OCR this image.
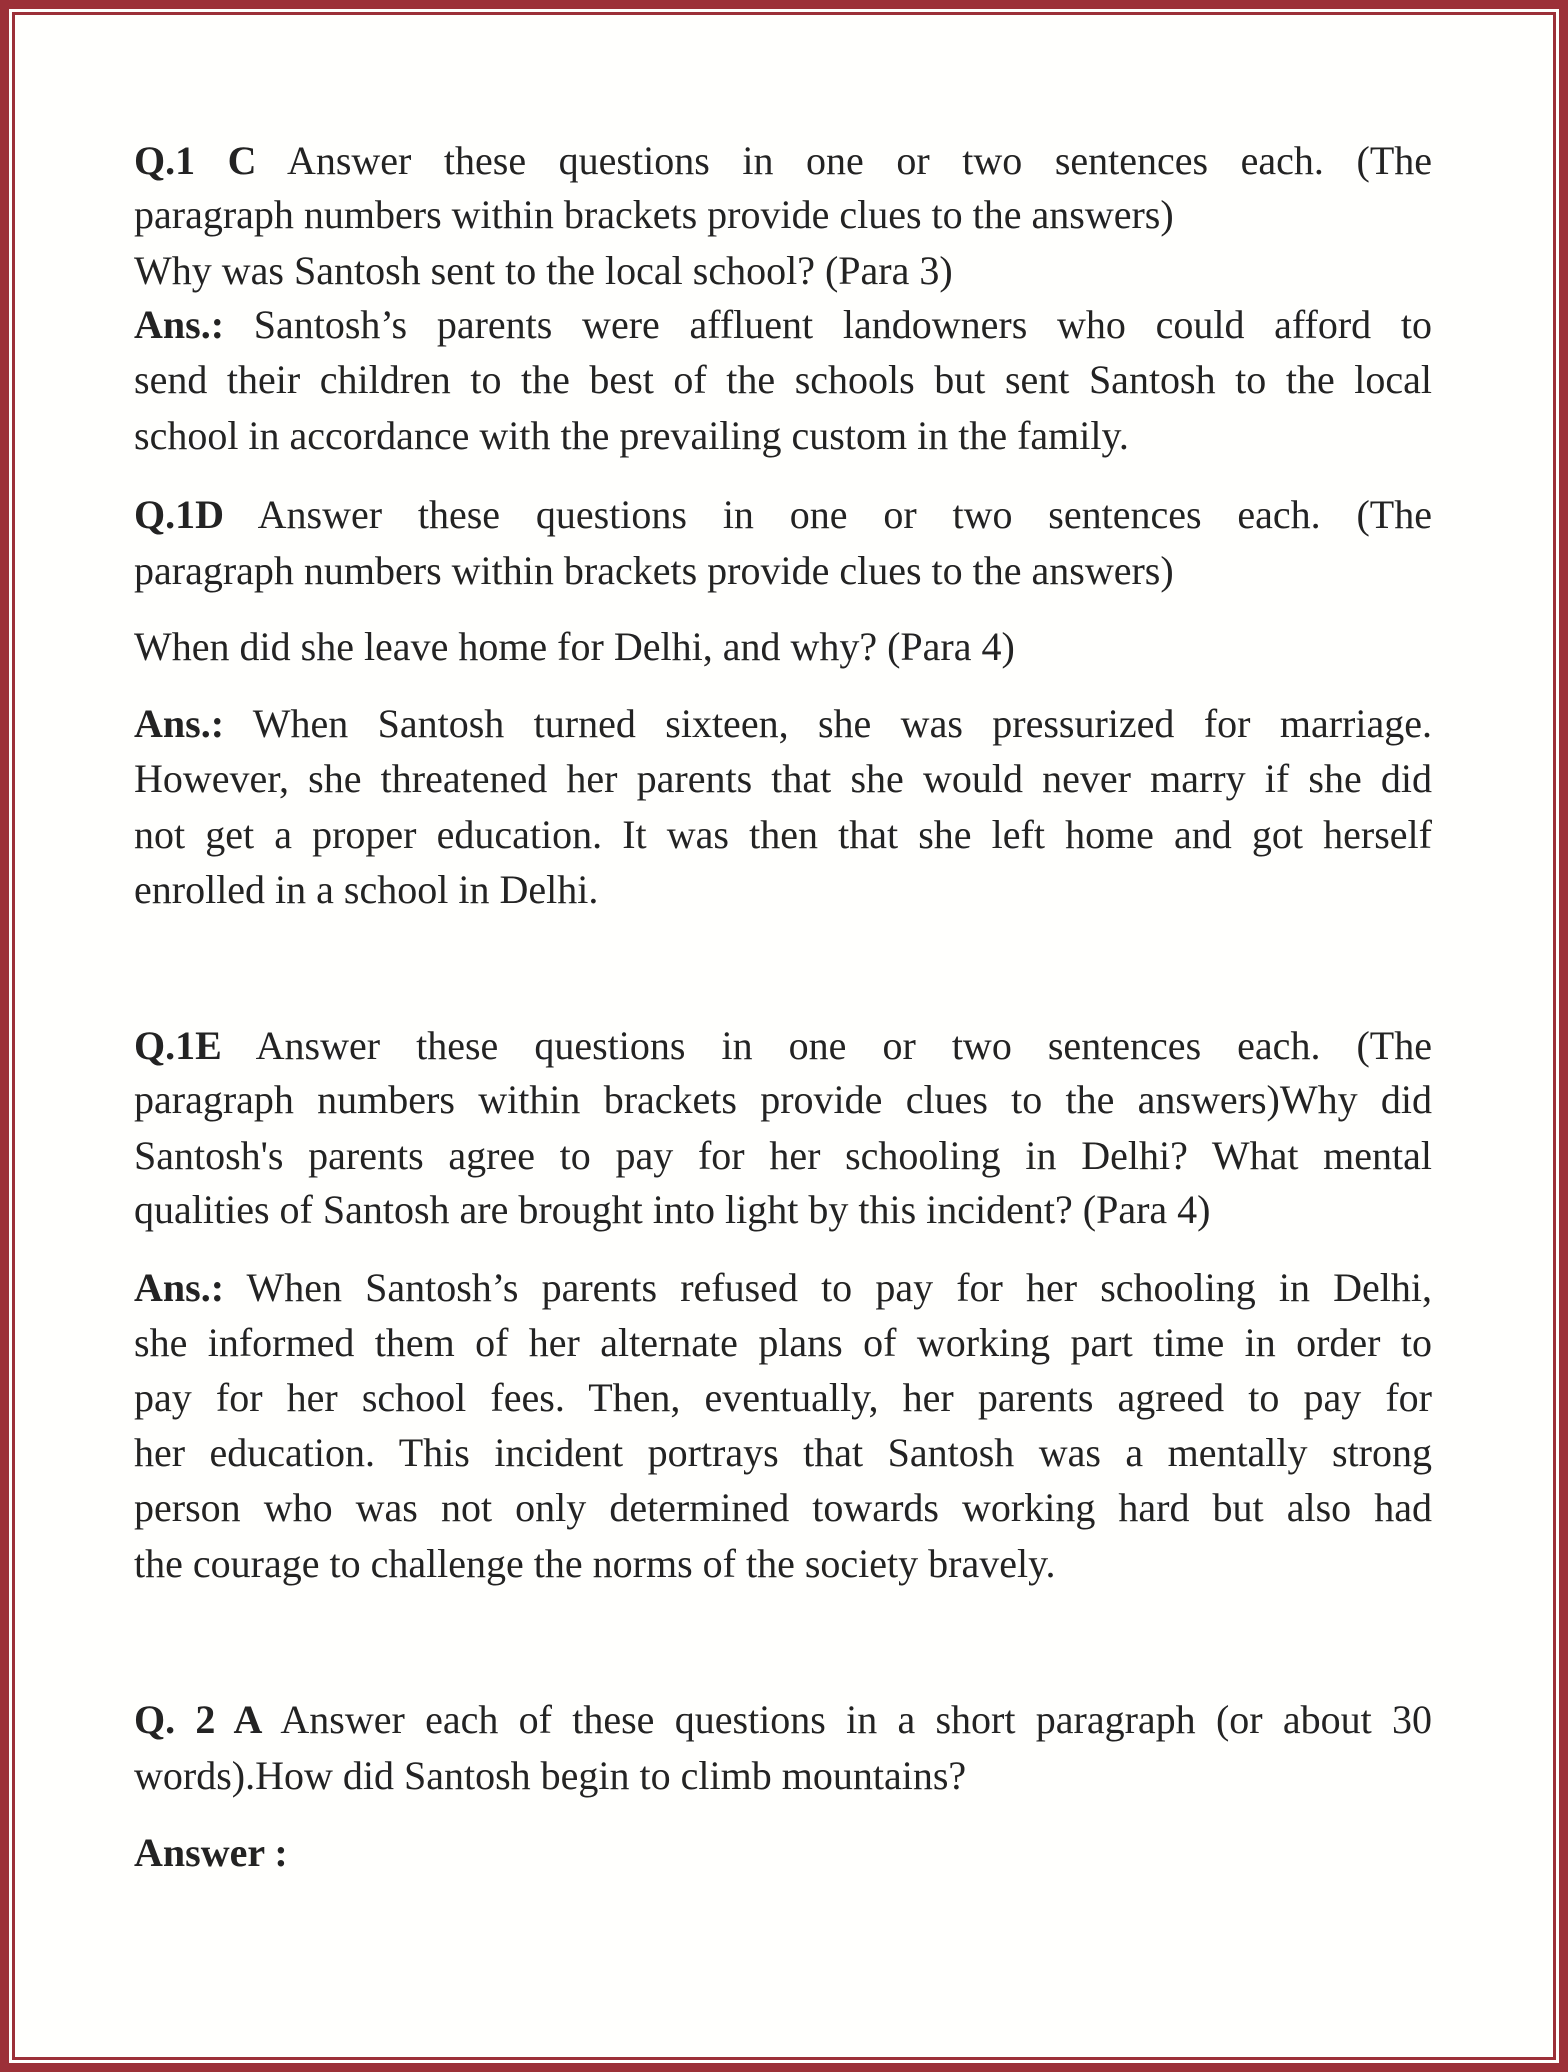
Q.1 C Answer these questions in one or two sentences each. (The
paragraph numbers within brackets provide clues to the answers)
Why was Santosh sent to the local school? (Para 3)
Ans.: Santosh’s parents were affluent landowners who could afford to
send their children to the best of the schools but sent Santosh to the local
school in accordance with the prevailing custom in the family.
Q.1D Answer these questions in one or two sentences each. (The
paragraph numbers within brackets provide clues to the answers)
When did she leave home for Delhi, and why? (Para 4)
Ans.: When Santosh turned sixteen, she was pressurized for marriage.
However, she threatened her parents that she would never marry if she did
not get a proper education. It was then that she left home and got herself
enrolled in a school in Delhi.
Q.1E Answer these questions in one or two sentences each. (The
paragraph numbers within brackets provide clues to the answers)Why did
Santosh's parents agree to pay for her schooling in Delhi? What mental
qualities of Santosh are brought into light by this incident? (Para 4)
Ans.: When Santosh’s parents refused to pay for her schooling in Delhi,
she informed them of her alternate plans of working part time in order to
pay for her school fees. Then, eventually, her parents agreed to pay for
her education. This incident portrays that Santosh was a mentally strong
person who was not only determined towards working hard but also had
the courage to challenge the norms of the society bravely.
Q. 2 A Answer each of these questions in a short paragraph (or about 30
words).How did Santosh begin to climb mountains?
Answer :
